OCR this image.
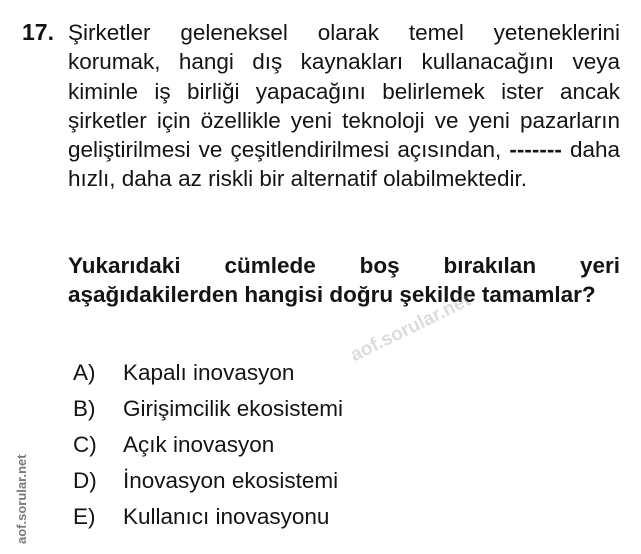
17. Şirketler geleneksel olarak temel yeteneklerini korumak, hangi dış kaynakları kullanacağını veya kiminle iş birliği yapacağını belirlemek ister ancak şirketler için özellikle yeni teknoloji ve yeni pazarların geliştirilmesi ve çeşitlendirilmesi açısından, ------- daha hızlı, daha az riskli bir alternatif olabilmektedir.

Yukarıdaki cümlede boş bırakılan yeri aşağıdakilerden hangisi doğru şekilde tamamlar?

A) Kapalı inovasyon
B) Girişimcilik ekosistemi
C) Açık inovasyon
D) İnovasyon ekosistemi
E) Kullanıcı inovasyonu
aof.sorular.net
aof.sorular.net
